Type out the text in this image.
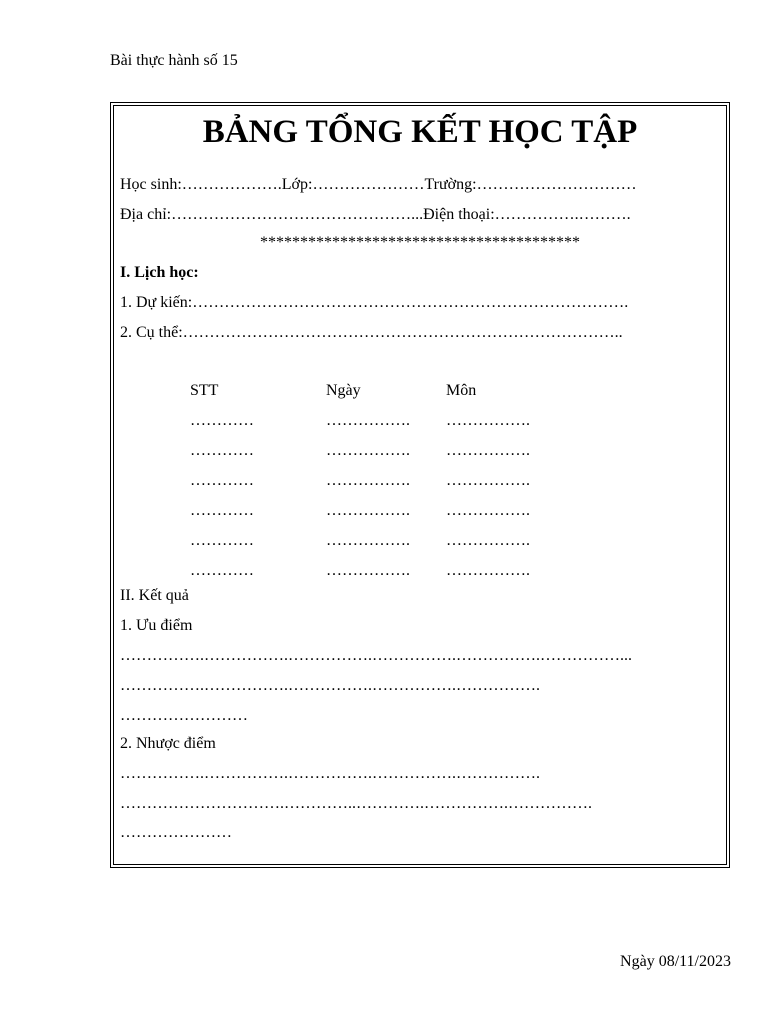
Bài thực hành số 15
BẢNG TỔNG KẾT HỌC TẬP
Học sinh:……………….Lớp:…………………Trường:…………………………
Địa chỉ:………………………………………...Điện thoại:…………….……….
****************************************
I. Lịch học:
1. Dự kiến:……………………………………………………………………….
2. Cụ thể:………………………………………………………………………..
STT	Ngày	Môn
…………	……………. …………….
…………	……………. …………….
…………	……………. …………….
…………	……………. …………….
…………	……………. …………….
…………	……………. …………….
II. Kết quả
1. Ưu điểm
…………….…………….…………….…………….…………….……………...
…………….…………….…………….…………….…………….
……………………
2. Nhược điểm
…………….…………….…………….…………….…………….
………………………….…………..………….…………….…………….
…………………
Ngày 08/11/2023
